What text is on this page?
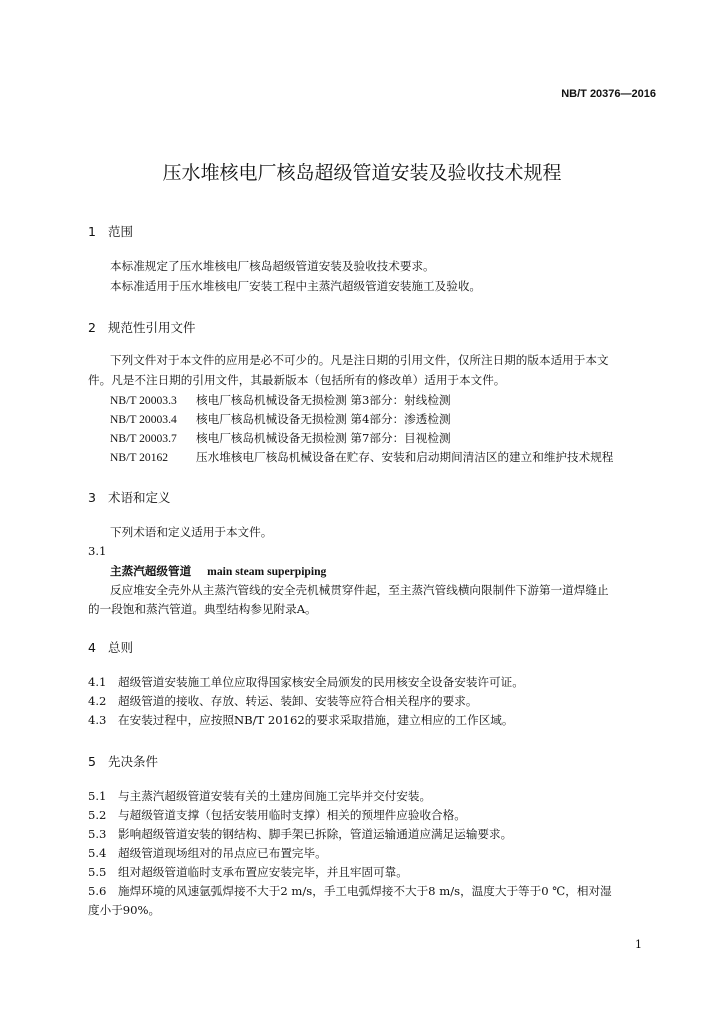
NB/T 20376—2016
压水堆核电厂核岛超级管道安装及验收技术规程
1 范围
本标准规定了压水堆核电厂核岛超级管道安装及验收技术要求。
本标准适用于压水堆核电厂安装工程中主蒸汽超级管道安装施工及验收。
2 规范性引用文件
下列文件对于本文件的应用是必不可少的。凡是注日期的引用文件，仅所注日期的版本适用于本文
件。凡是不注日期的引用文件，其最新版本（包括所有的修改单）适用于本文件。
NB/T 20003.3 核电厂核岛机械设备无损检测 第3部分：射线检测
NB/T 20003.4 核电厂核岛机械设备无损检测 第4部分：渗透检测
NB/T 20003.7 核电厂核岛机械设备无损检测 第7部分：目视检测
NB/T 20162 压水堆核电厂核岛机械设备在贮存、安装和启动期间清洁区的建立和维护技术规程
3 术语和定义
下列术语和定义适用于本文件。
3.1
主蒸汽超级管道 main steam superpiping
反应堆安全壳外从主蒸汽管线的安全壳机械贯穿件起，至主蒸汽管线横向限制件下游第一道焊缝止
的一段饱和蒸汽管道。典型结构参见附录A。
4 总则
4.1 超级管道安装施工单位应取得国家核安全局颁发的民用核安全设备安装许可证。
4.2 超级管道的接收、存放、转运、装卸、安装等应符合相关程序的要求。
4.3 在安装过程中，应按照NB/T 20162的要求采取措施，建立相应的工作区域。
5 先决条件
5.1 与主蒸汽超级管道安装有关的土建房间施工完毕并交付安装。
5.2 与超级管道支撑（包括安装用临时支撑）相关的预埋件应验收合格。
5.3 影响超级管道安装的钢结构、脚手架已拆除，管道运输通道应满足运输要求。
5.4 超级管道现场组对的吊点应已布置完毕。
5.5 组对超级管道临时支承布置应安装完毕，并且牢固可靠。
5.6 施焊环境的风速氩弧焊接不大于2 m/s，手工电弧焊接不大于8 m/s，温度大于等于0 ℃，相对湿
度小于90%。
1
